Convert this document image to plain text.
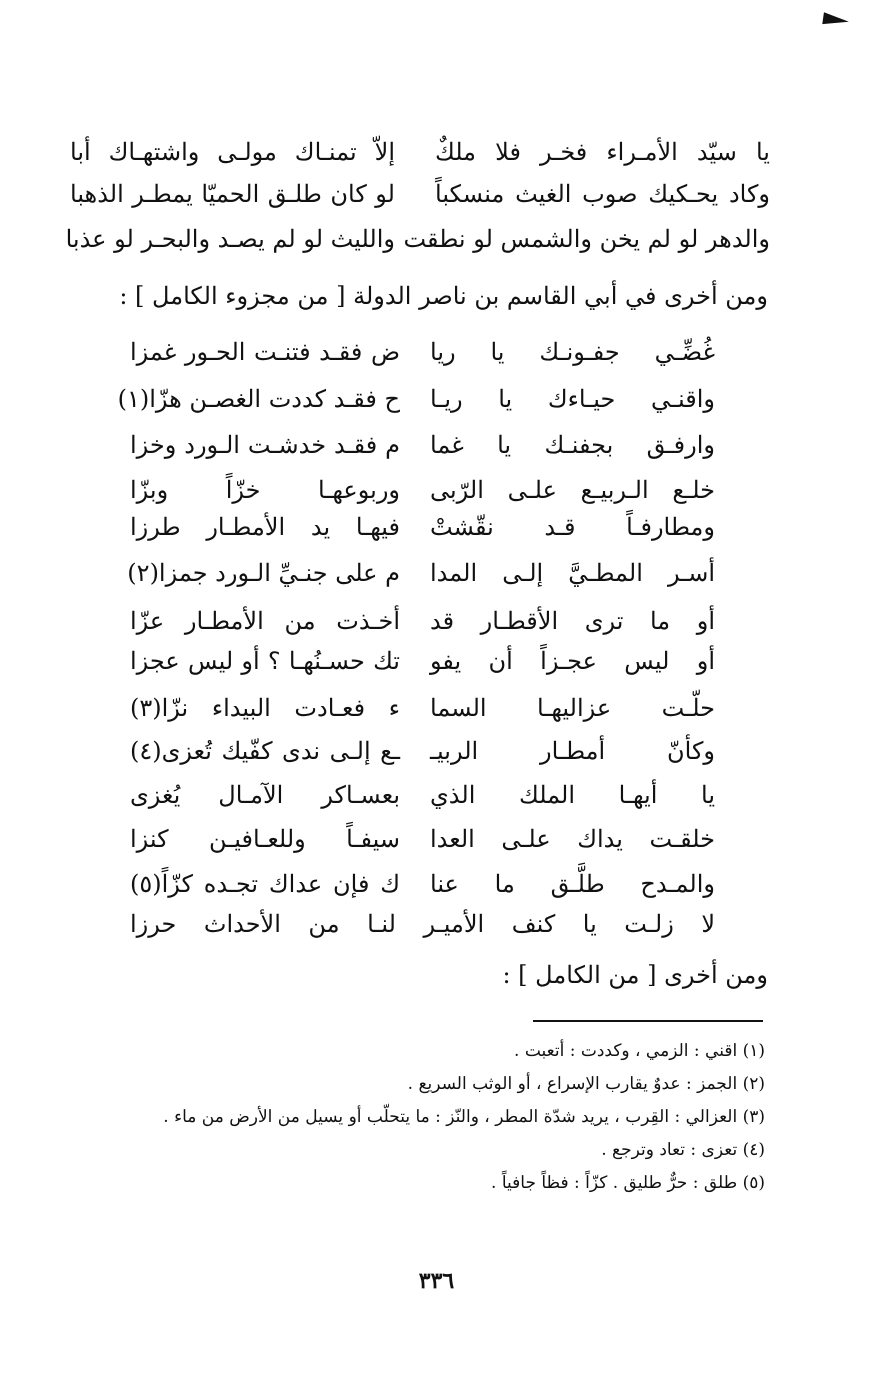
يا سيّد الأمـراء فخـر فلا ملكٌ
إلاّ تمنـاك مولـى واشتهـاك أبا
وكاد يحـكيك صوب الغيث منسكباً
لو كان طلـق الحميّا يمطـر الذهبا
والدهر لو لم يخن والشمس لو نطقت
والليث لو لم يصـد والبحـر لو عذبا
ومن أخرى في أبي القاسم بن ناصر الدولة [ من مجزوء الكامل ] :
غُضِّـي جفـونـك يا ريا
ض فقـد فتنـت الحـور غمزا
واقنـي حيـاءك يا ريـا
ح فقـد كددت الغصـن هزّا(١)
وارفـق بجفنـك يا غما
م فقـد خدشـت الـورد وخزا
خلـع الـربيـع علـى الرّبى
وربوعهـا خزّاً وبزّا
ومطارفـاً قـد نقّشتْ
فيهـا يد الأمطـار طرزا
أسـر المطـيَّ إلـى المدا
م على جنـيِّ الـورد جمزا(٢)
أو ما ترى الأقطـار قد
أخـذت من الأمطـار عزّا
أو ليس عجـزاً أن يفو
تك حسـنُهـا ؟ أو ليس عجزا
حلّـت عزاليهـا السما
ء فعـادت البيداء نزّا(٣)
وكأنّ أمطـار الربيـ
ـع إلـى ندى كفّيك تُعزى(٤)
يا أيهـا الملك الذي
بعسـاكر الآمـال يُغزى
خلقـت يداك علـى العدا
سيفـاً وللعـافيـن كنزا
والمـدح طلَّـق ما عنا
ك فإن عداك تجـده كزّاً(٥)
لا زلـت يا كنف الأميـر لنـا من الأحداث حرزا
ومن أخرى [ من الكامل ] :
(١) اقني : الزمي ، وكددت : أتعبت .
(٢) الجمز : عدوٌ يقارب الإسراع ، أو الوثب السريع .
(٣) العزالي : القِرب ، يريد شدّة المطر ، والنّز : ما يتحلّب أو يسيل من الأرض من ماء .
(٤) تعزى : تعاد وترجع .
(٥) طلق : حرٌّ طليق . كزّاً : فظاً جافياً .
٣٣٦
